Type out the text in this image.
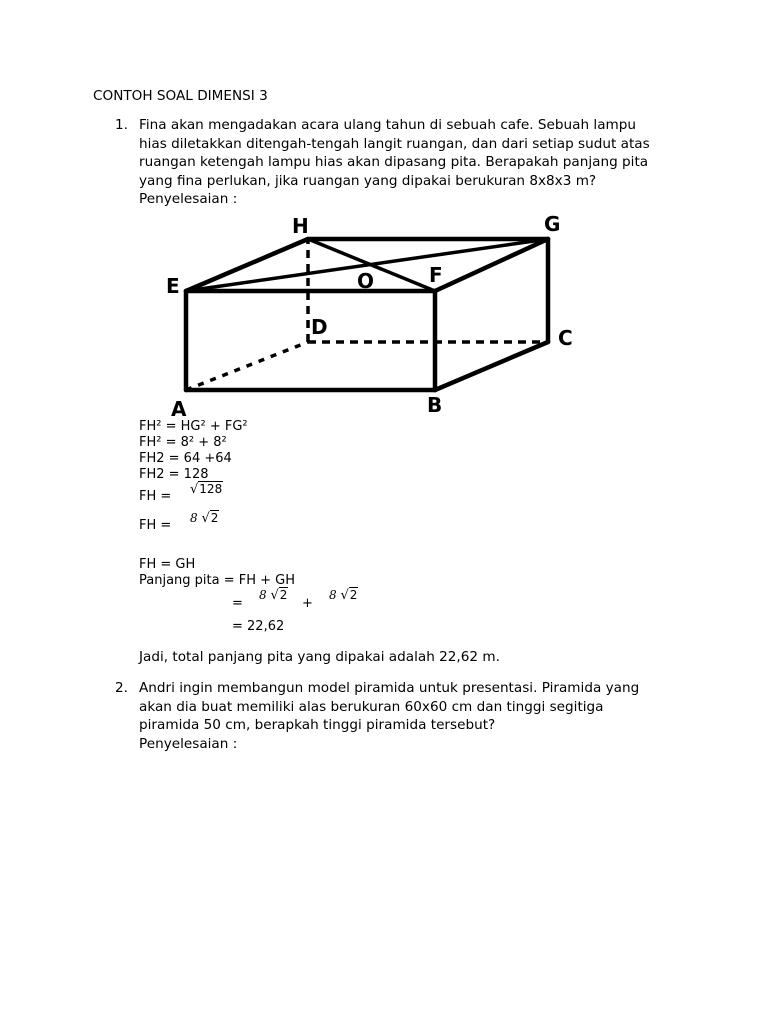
CONTOH SOAL DIMENSI 3
1. Fina akan mengadakan acara ulang tahun di sebuah cafe. Sebuah lampu
hias diletakkan ditengah-tengah langit ruangan, dan dari setiap sudut atas
ruangan ketengah lampu hias akan dipasang pita. Berapakah panjang pita
yang fina perlukan, jika ruangan yang dipakai berukuran 8x8x3 m?
Penyelesaian :
H	G
E	F
O
D	C
A	B
FH² = HG² + FG²
FH² = 8² + 8²
FH2 = 64 +64
FH2 = 128
FH = √128
FH = 8 √2
FH = GH
Panjang pita = FH + GH
=
8 √2
+
8 √2
= 22,62
Jadi, total panjang pita yang dipakai adalah 22,62 m.
2. Andri ingin membangun model piramida untuk presentasi. Piramida yang
akan dia buat memiliki alas berukuran 60x60 cm dan tinggi segitiga
piramida 50 cm, berapkah tinggi piramida tersebut?
Penyelesaian :
